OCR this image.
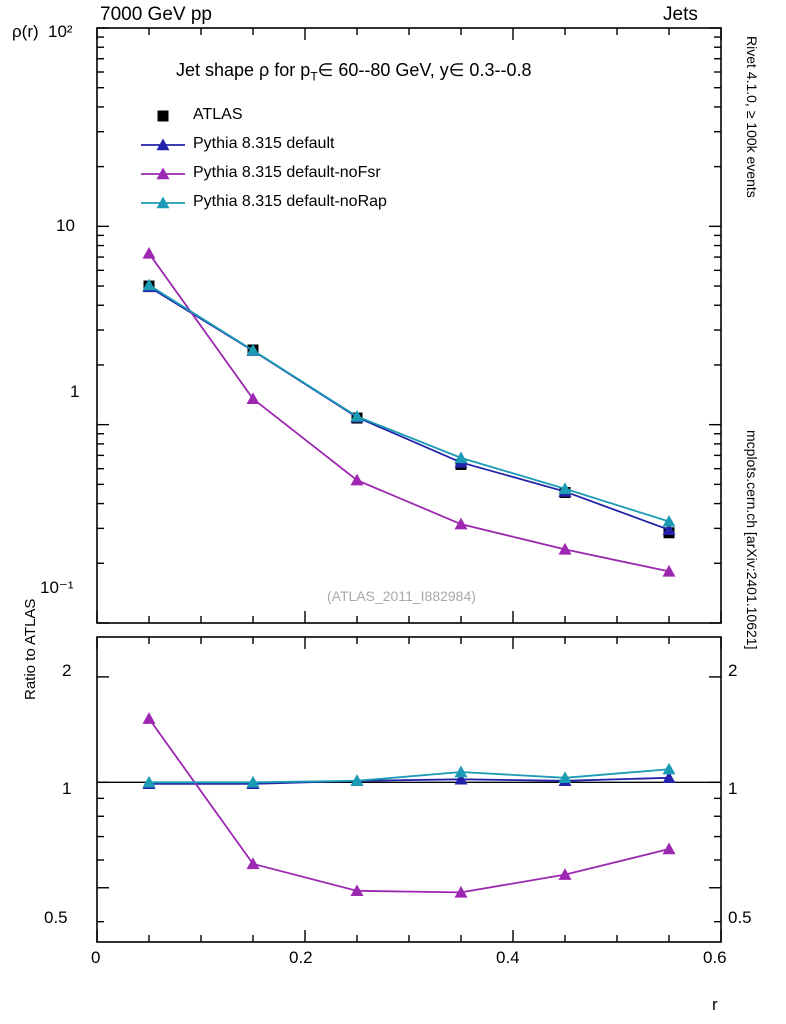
7000 GeV pp	Jets
Rivet 4.1.0, ≥ 100k events
mcplots.cern.ch [arXiv:2401.10621]
ρ(r)
Ratio to ATLAS
r
10²
10
1
10⁻¹
2
1
0.5
2
1
0.5
0	0.2	0.4	0.6
Jet shape ρ for $p_T\in$ 60--80 GeV, y∈ 0.3--0.8
(ATLAS_2011_I882984)
ATLAS
Pythia 8.315 default
Pythia 8.315 default-noFsr
Pythia 8.315 default-noRap
